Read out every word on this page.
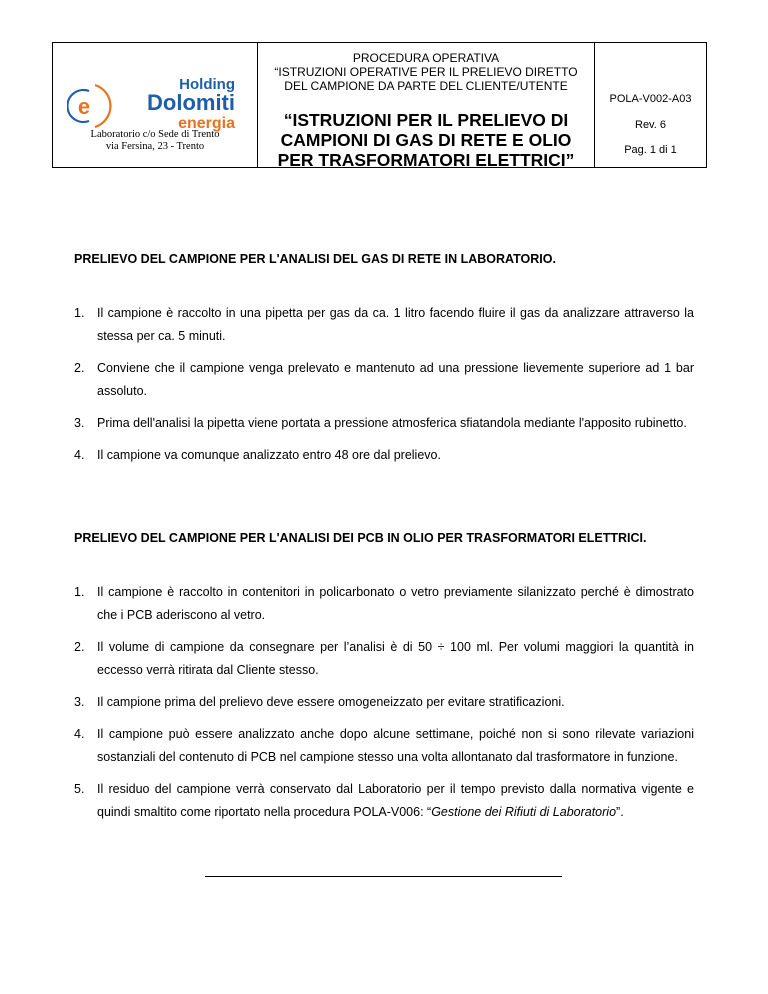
e
Holding
Dolomiti
energia
Laboratorio c/o Sede di Trento
via Fersina, 23 - Trento
PROCEDURA OPERATIVA
“ISTRUZIONI OPERATIVE PER IL PRELIEVO DIRETTO
DEL CAMPIONE DA PARTE DEL CLIENTE/UTENTE
“ISTRUZIONI PER IL PRELIEVO DI
CAMPIONI DI GAS DI RETE E OLIO
PER TRASFORMATORI ELETTRICI”
POLA-V002-A03
Rev. 6
Pag. 1 di 1
PRELIEVO DEL CAMPIONE PER L'ANALISI DEL GAS DI RETE IN LABORATORIO.
1. Il campione è raccolto in una pipetta per gas da ca. 1 litro facendo fluire il gas da analizzare attraverso la stessa per ca. 5 minuti.
2. Conviene che il campione venga prelevato e mantenuto ad una pressione lievemente superiore ad 1 bar assoluto.
3. Prima dell'analisi la pipetta viene portata a pressione atmosferica sfiatandola mediante l'apposito rubinetto.
4. Il campione va comunque analizzato entro 48 ore dal prelievo.
PRELIEVO DEL CAMPIONE PER L'ANALISI DEI PCB IN OLIO PER TRASFORMATORI ELETTRICI.
1. Il campione è raccolto in contenitori in policarbonato o vetro previamente silanizzato perché è dimostrato che i PCB aderiscono al vetro.
2. Il volume di campione da consegnare per l’analisi è di 50 ÷ 100 ml. Per volumi maggiori la quantità in eccesso verrà ritirata dal Cliente stesso.
3. Il campione prima del prelievo deve essere omogeneizzato per evitare stratificazioni.
4. Il campione può essere analizzato anche dopo alcune settimane, poiché non si sono rilevate variazioni sostanziali del contenuto di PCB nel campione stesso una volta allontanato dal trasformatore in funzione.
5. Il residuo del campione verrà conservato dal Laboratorio per il tempo previsto dalla normativa vigente e quindi smaltito come riportato nella procedura POLA-V006: “Gestione dei Rifiuti di Laboratorio”.
